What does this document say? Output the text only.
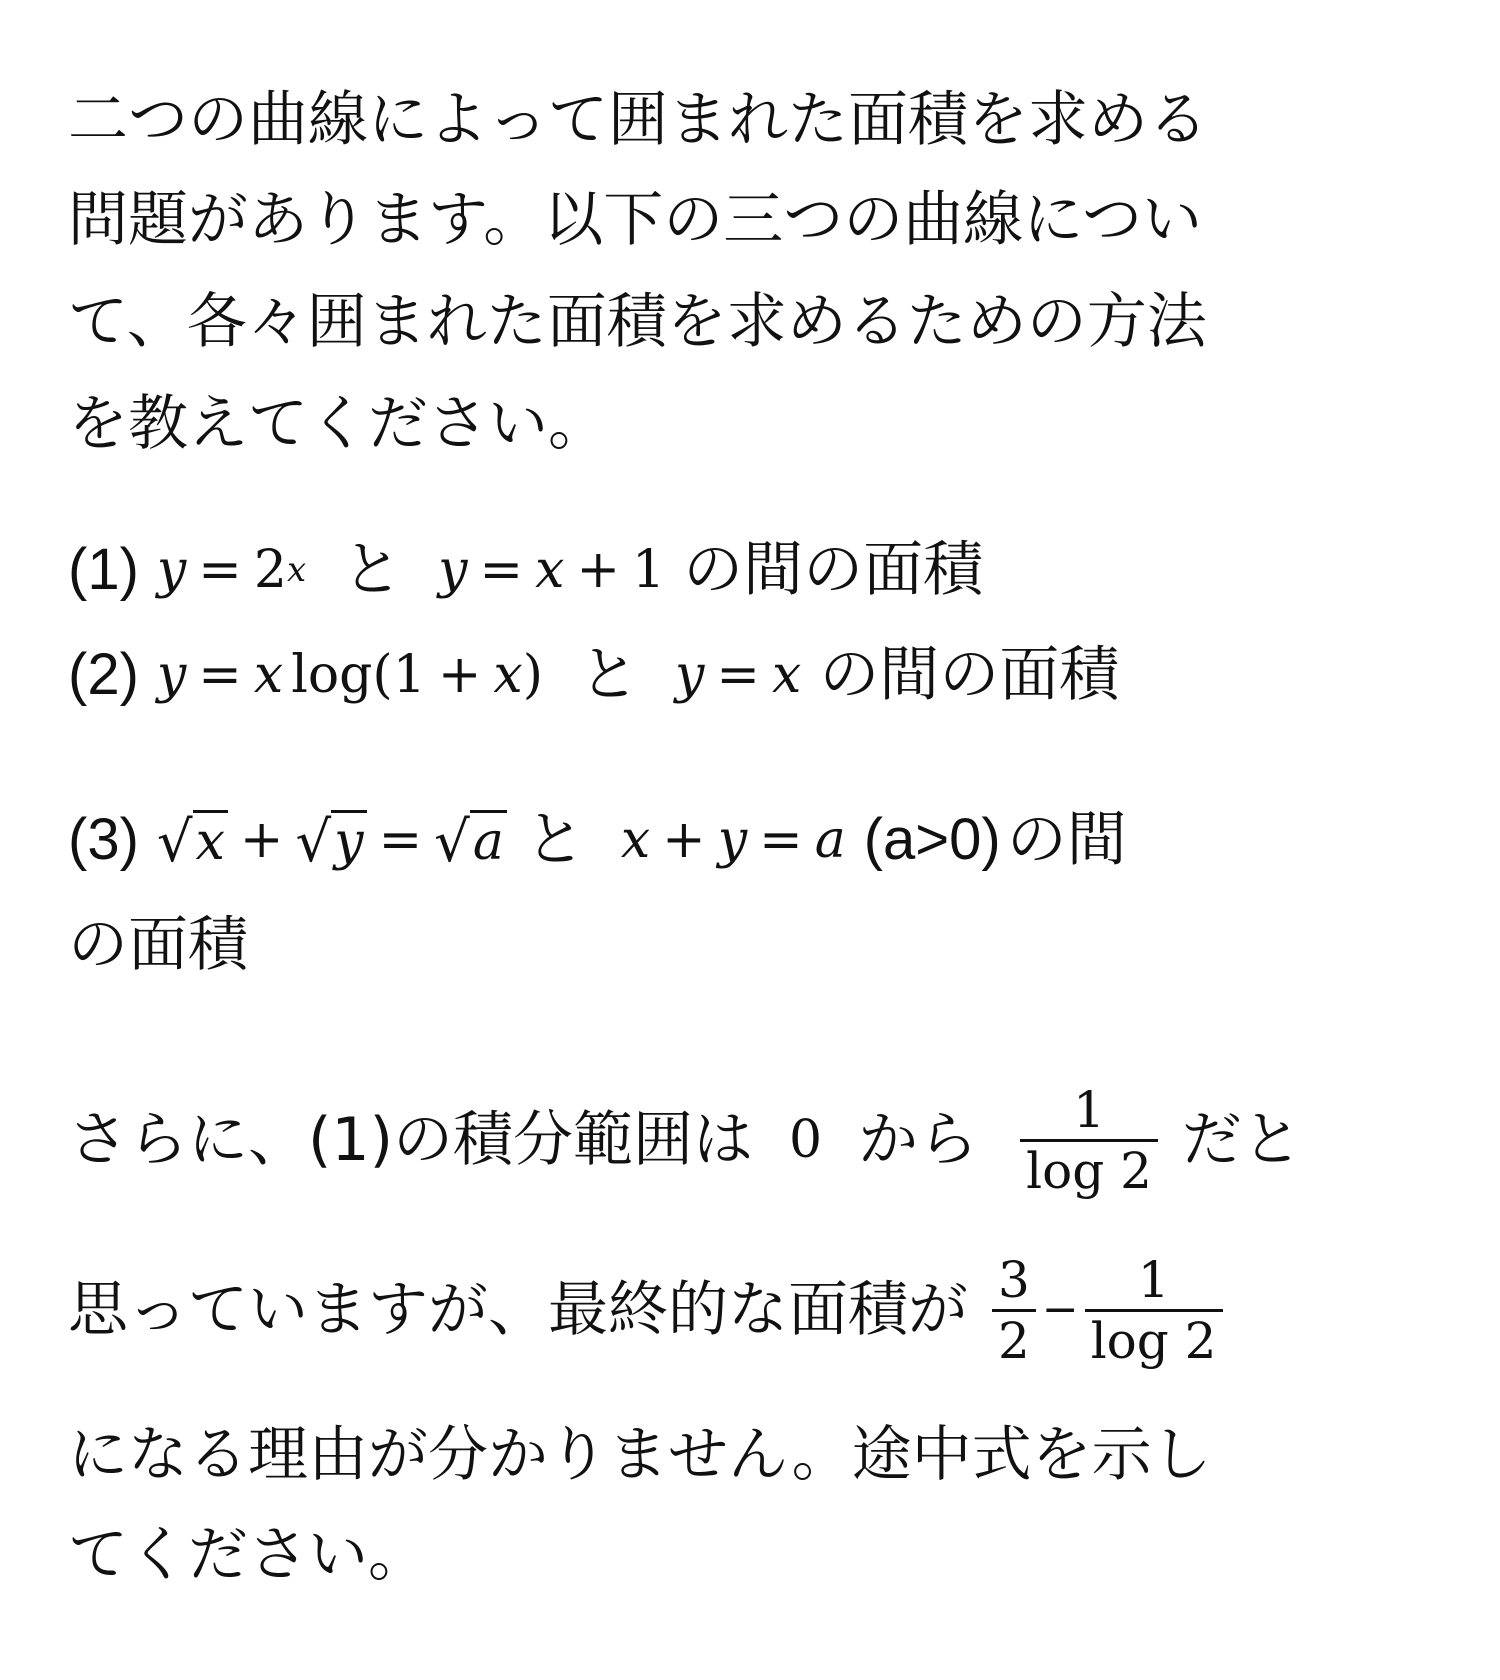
二つの曲線によって囲まれた面積を求める
問題があります。以下の三つの曲線につい
て、各々囲まれた面積を求めるための方法
を教えてください。
(1) y = 2 x と y = x + 1 の間の面積
(2) y = x log ( 1 + x ) と y = x の間の面積
(3) √ x + √ y = √ a と x + y = a (a>0) の間
の面積
さらに、(1)の積分範囲は 0 から $\frac{1}{\log 2}$ だと
思っていますが、最終的な面積が $\frac{3}{2} - \frac{1}{\log 2}$
になる理由が分かりません。途中式を示し
てください。
